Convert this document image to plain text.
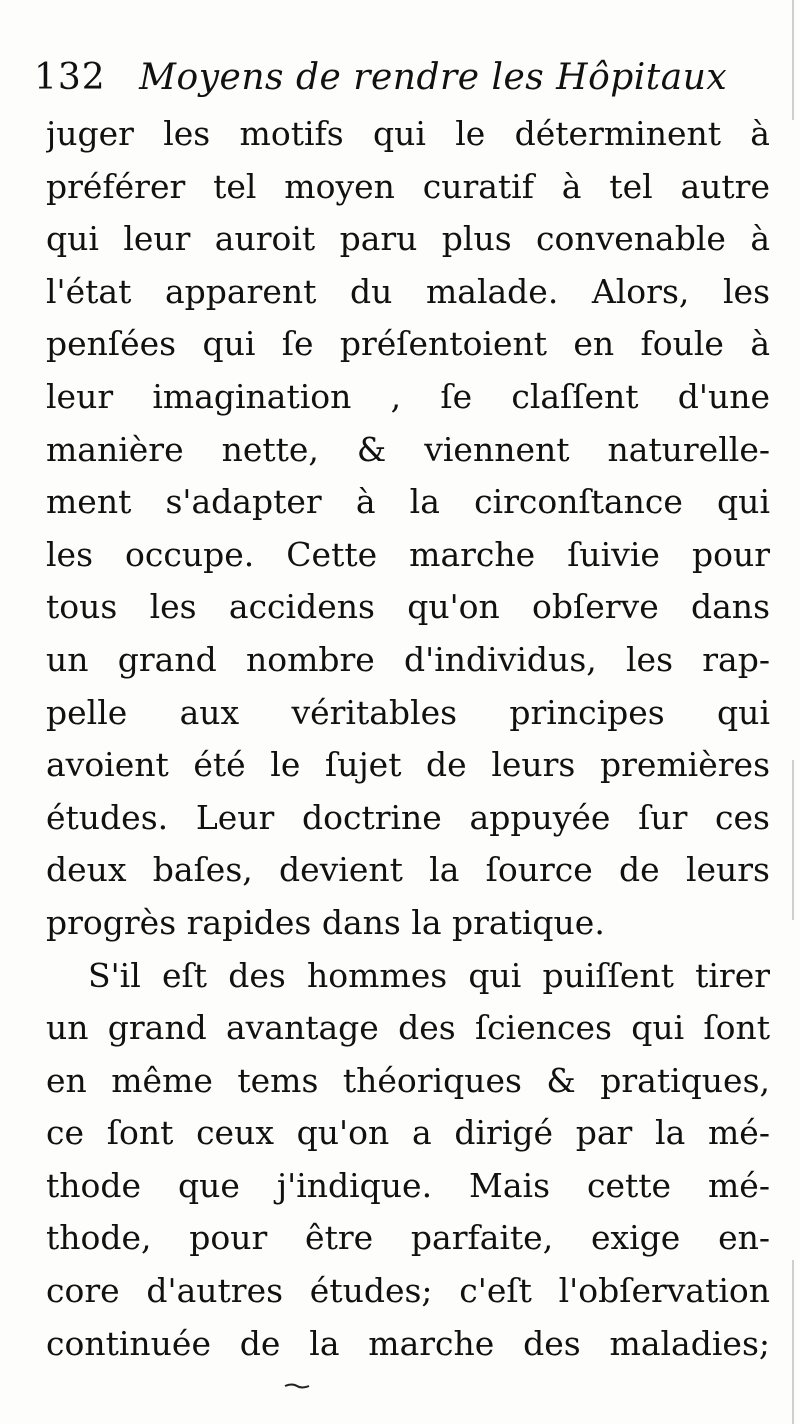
132 Moyens de rendre les Hôpitaux
juger les motifs qui le déterminent à
préférer tel moyen curatif à tel autre
qui leur auroit paru plus convenable à
l'état apparent du malade. Alors, les
penſées qui ſe préſentoient en foule à
leur imagination , ſe claſſent d'une
manière nette, & viennent naturelle-
ment s'adapter à la circonſtance qui
les occupe. Cette marche ſuivie pour
tous les accidens qu'on obſerve dans
un grand nombre d'individus, les rap-
pelle aux véritables principes qui
avoient été le ſujet de leurs premières
études. Leur doctrine appuyée ſur ces
deux baſes, devient la ſource de leurs
progrès rapides dans la pratique.
S'il eſt des hommes qui puiſſent tirer
un grand avantage des ſciences qui ſont
en même tems théoriques & pratiques,
ce ſont ceux qu'on a dirigé par la mé-
thode que j'indique. Mais cette mé-
thode, pour être parfaite, exige en-
core d'autres études; c'eſt l'obſervation
continuée de la marche des maladies;
